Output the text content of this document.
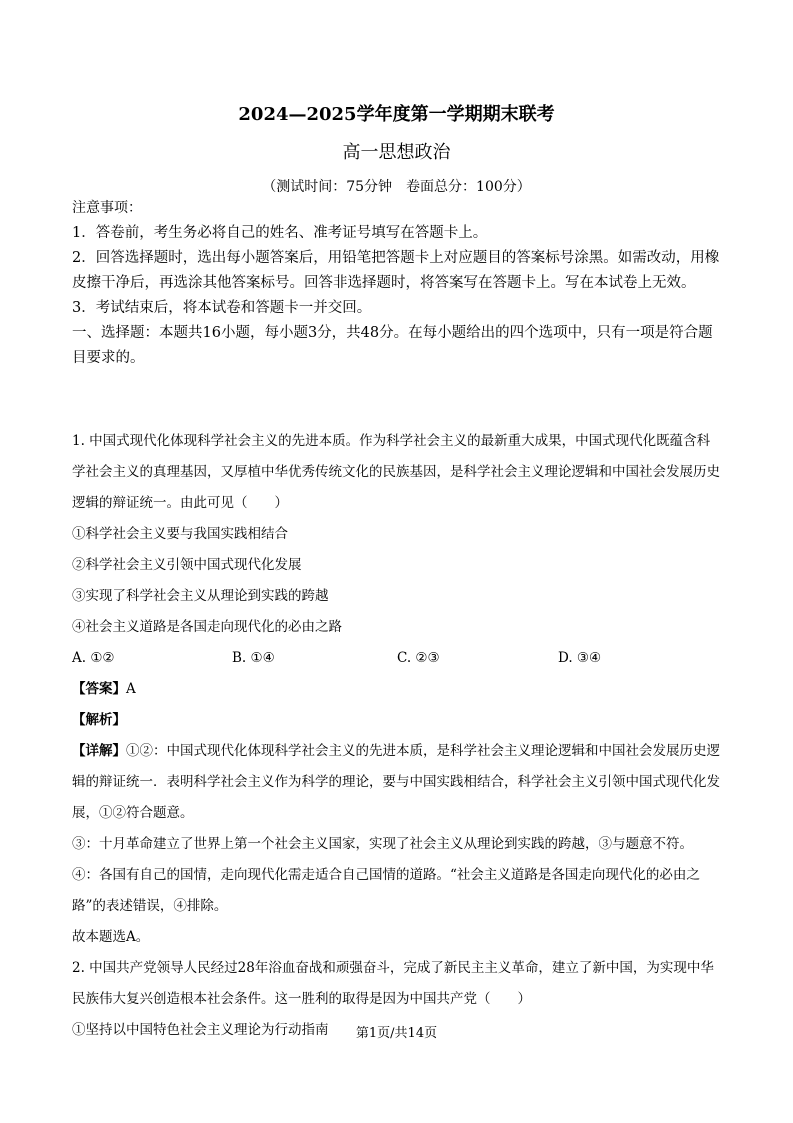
2024—2025学年度第一学期期末联考
高一思想政治
（测试时间：75分钟　卷面总分：100分）
注意事项：
1．答卷前，考生务必将自己的姓名、准考证号填写在答题卡上。
2．回答选择题时，选出每小题答案后，用铅笔把答题卡上对应题目的答案标号涂黑。如需改动，用橡皮擦干净后，再选涂其他答案标号。回答非选择题时，将答案写在答题卡上。写在本试卷上无效。
3．考试结束后，将本试卷和答题卡一并交回。
一、选择题：本题共16小题，每小题3分，共48分。在每小题给出的四个选项中，只有一项是符合题目要求的。
1. 中国式现代化体现科学社会主义的先进本质。作为科学社会主义的最新重大成果，中国式现代化既蕴含科学社会主义的真理基因，又厚植中华优秀传统文化的民族基因，是科学社会主义理论逻辑和中国社会发展历史逻辑的辩证统一。由此可见（　　）
①科学社会主义要与我国实践相结合
②科学社会主义引领中国式现代化发展
③实现了科学社会主义从理论到实践的跨越
④社会主义道路是各国走向现代化的必由之路
A. ①②	B. ①④	C. ②③	D. ③④
【答案】A
【解析】
【详解】①②：中国式现代化体现科学社会主义的先进本质，是科学社会主义理论逻辑和中国社会发展历史逻辑的辩证统一．表明科学社会主义作为科学的理论，要与中国实践相结合，科学社会主义引领中国式现代化发展，①②符合题意。
③：十月革命建立了世界上第一个社会主义国家，实现了社会主义从理论到实践的跨越，③与题意不符。
④：各国有自己的国情，走向现代化需走适合自己国情的道路。“社会主义道路是各国走向现代化的必由之路”的表述错误，④排除。
故本题选A。
2. 中国共产党领导人民经过28年浴血奋战和顽强奋斗，完成了新民主主义革命，建立了新中国，为实现中华民族伟大复兴创造根本社会条件。这一胜利的取得是因为中国共产党（　　）
①坚持以中国特色社会主义理论为行动指南	第1页/共14页
